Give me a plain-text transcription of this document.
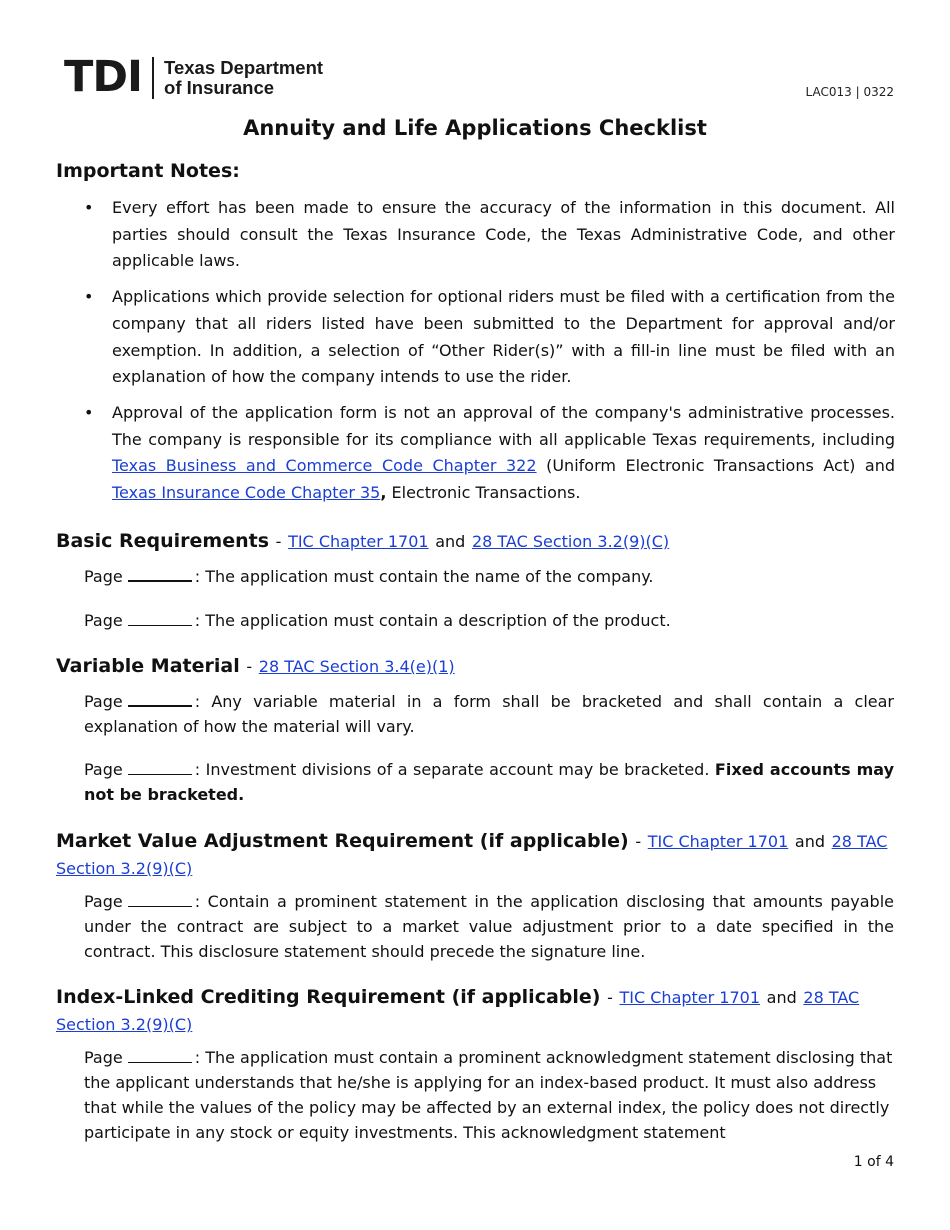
TDI Texas Department
of Insurance	LAC013 | 0322
Annuity and Life Applications Checklist
Important Notes:
• Every effort has been made to ensure the accuracy of the information in this document. All parties should consult the Texas Insurance Code, the Texas Administrative Code, and other applicable laws.
• Applications which provide selection for optional riders must be filed with a certification from the company that all riders listed have been submitted to the Department for approval and/or exemption. In addition, a selection of “Other Rider(s)” with a fill-in line must be filed with an explanation of how the company intends to use the rider.
• Approval of the application form is not an approval of the company's administrative processes. The company is responsible for its compliance with all applicable Texas requirements, including Texas Business and Commerce Code Chapter 322 (Uniform Electronic Transactions Act) and Texas Insurance Code Chapter 35, Electronic Transactions.
Basic Requirements - TIC Chapter 1701 and 28 TAC Section 3.2(9)(C)
Page	: The application must contain the name of the company.
Page	: The application must contain a description of the product.
Variable Material - 28 TAC Section 3.4(e)(1)
Page	: Any variable material in a form shall be bracketed and shall contain a clear explanation of how the material will vary.
Page	: Investment divisions of a separate account may be bracketed. Fixed accounts may not be bracketed.
Market Value Adjustment Requirement (if applicable) - TIC Chapter 1701 and 28 TAC
Section 3.2(9)(C)
Page	: Contain a prominent statement in the application disclosing that amounts payable under the contract are subject to a market value adjustment prior to a date specified in the contract. This disclosure statement should precede the signature line.
Index-Linked Crediting Requirement (if applicable) - TIC Chapter 1701 and 28 TAC
Section 3.2(9)(C)
Page	: The application must contain a prominent acknowledgment statement disclosing that the applicant understands that he/she is applying for an index-based product. It must also address that while the values of the policy may be affected by an external index, the policy does not directly participate in any stock or equity investments. This acknowledgment statement
1 of 4
